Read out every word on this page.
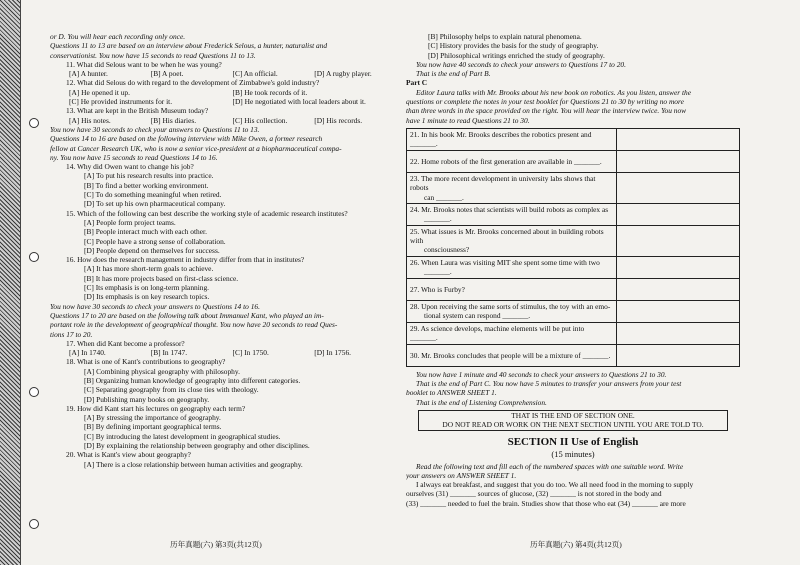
or D. You will hear each recording only once.
Questions 11 to 13 are based on an interview about Frederick Selous, a hunter, naturalist and
conservationist. You now have 15 seconds to read Questions 11 to 13.
11. What did Selous want to be when he was young?
[A] A hunter.	[B] A poet.	[C] An official.	[D] A rugby player.
12. What did Selous do with regard to the development of Zimbabwe's gold industry?
[A] He opened it up.	[B] He took records of it.
[C] He provided instruments for it.	[D] He negotiated with local leaders about it.
13. What are kept in the British Museum today?
[A] His notes.	[B] His diaries.	[C] His collection.	[D] His records.
You now have 30 seconds to check your answers to Questions 11 to 13.
Questions 14 to 16 are based on the following interview with Mike Owen, a former research
fellow at Cancer Research UK, who is now a senior vice-president at a biopharmaceutical compa-
ny. You now have 15 seconds to read Questions 14 to 16.
14. Why did Owen want to change his job?
[A] To put his research results into practice.
[B] To find a better working environment.
[C] To do something meaningful when retired.
[D] To set up his own pharmaceutical company.
15. Which of the following can best describe the working style of academic research institutes?
[A] People form project teams.
[B] People interact much with each other.
[C] People have a strong sense of collaboration.
[D] People depend on themselves for success.
16. How does the research management in industry differ from that in institutes?
[A] It has more short-term goals to achieve.
[B] It has more projects based on first-class science.
[C] Its emphasis is on long-term planning.
[D] Its emphasis is on key research topics.
You now have 30 seconds to check your answers to Questions 14 to 16.
Questions 17 to 20 are based on the following talk about Immanuel Kant, who played an im-
portant role in the development of geographical thought. You now have 20 seconds to read Ques-
tions 17 to 20.
17. When did Kant become a professor?
[A] In 1740.	[B] In 1747.	[C] In 1750.	[D] In 1756.
18. What is one of Kant's contributions to geography?
[A] Combining physical geography with philosophy.
[B] Organizing human knowledge of geography into different categories.
[C] Separating geography from its close ties with theology.
[D] Publishing many books on geography.
19. How did Kant start his lectures on geography each term?
[A] By stressing the importance of geography.
[B] By defining important geographical terms.
[C] By introducing the latest development in geographical studies.
[D] By explaining the relationship between geography and other disciplines.
20. What is Kant's view about geography?
[A] There is a close relationship between human activities and geography.
历年真题(六) 第3页(共12页)
[B] Philosophy helps to explain natural phenomena.
[C] History provides the basis for the study of geography.
[D] Philosophical writings enriched the study of geography.
You now have 40 seconds to check your answers to Questions 17 to 20.
That is the end of Part B.
Part C
Editor Laura talks with Mr. Brooks about his new book on robotics. As you listen, answer the
questions or complete the notes in your test booklet for Questions 21 to 30 by writing no more
than three words in the space provided on the right. You will hear the interview twice. You now
have 1 minute to read Questions 21 to 30.
21. In his book Mr. Brooks describes the robotics present and _______.	

22. Home robots of the first generation are available in _______.	

23. The more recent development in university labs shows that robots
can _______.	

24. Mr. Brooks notes that scientists will build robots as complex as
_______.	

25. What issues is Mr. Brooks concerned about in building robots with
consciousness?	

26. When Laura was visiting MIT she spent some time with two
_______.	

27. Who is Furby?	

28. Upon receiving the same sorts of stimulus, the toy with an emo-
tional system can respond _______.	

29. As science develops, machine elements will be put into _______.	

30. Mr. Brooks concludes that people will be a mixture of _______.	

You now have 1 minute and 40 seconds to check your answers to Questions 21 to 30.
That is the end of Part C. You now have 5 minutes to transfer your answers from your test
booklet to ANSWER SHEET 1.
That is the end of Listening Comprehension.
THAT IS THE END OF SECTION ONE.
DO NOT READ OR WORK ON THE NEXT SECTION UNTIL YOU ARE TOLD TO.
SECTION II Use of English
(15 minutes)
Read the following text and fill each of the numbered spaces with one suitable word. Write
your answers on ANSWER SHEET 1.
I always eat breakfast, and suggest that you do too. We all need food in the morning to supply
ourselves (31) _______ sources of glucose, (32) _______ is not stored in the body and
(33) _______ needed to fuel the brain. Studies show that those who eat (34) _______ are more
历年真题(六) 第4页(共12页)
